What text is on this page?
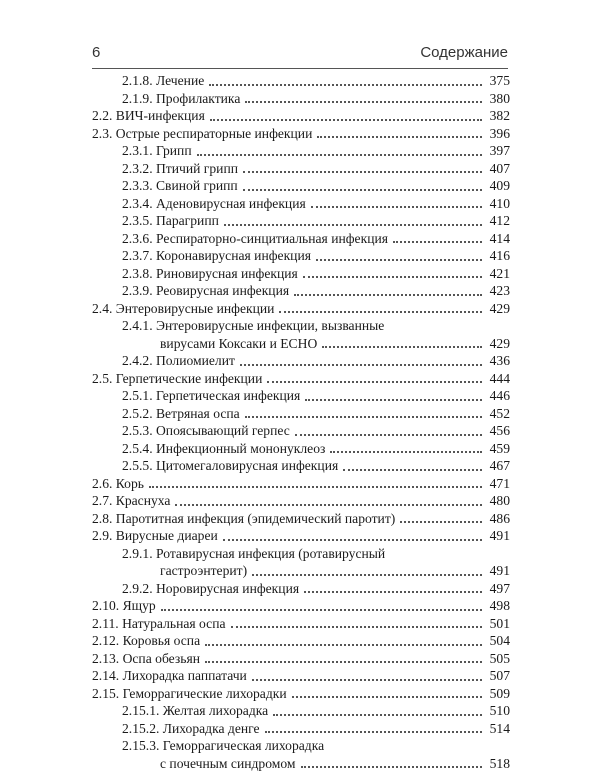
6	Содержание
2.1.8. Лечение	375
2.1.9. Профилактика	380
2.2. ВИЧ-инфекция	382
2.3. Острые респираторные инфекции	396
2.3.1. Грипп	397
2.3.2. Птичий грипп	407
2.3.3. Свиной грипп	409
2.3.4. Аденовирусная инфекция	410
2.3.5. Парагрипп	412
2.3.6. Респираторно-синцитиальная инфекция	414
2.3.7. Коронавирусная инфекция	416
2.3.8. Риновирусная инфекция	421
2.3.9. Реовирусная инфекция	423
2.4. Энтеровирусные инфекции	429
2.4.1. Энтеровирусные инфекции, вызванные
вирусами Коксаки и ЕСНО	429
2.4.2. Полиомиелит	436
2.5. Герпетические инфекции	444
2.5.1. Герпетическая инфекция	446
2.5.2. Ветряная оспа	452
2.5.3. Опоясывающий герпес	456
2.5.4. Инфекционный мононуклеоз	459
2.5.5. Цитомегаловирусная инфекция	467
2.6. Корь	471
2.7. Краснуха	480
2.8. Паротитная инфекция (эпидемический паротит)	486
2.9. Вирусные диареи	491
2.9.1. Ротавирусная инфекция (ротавирусный
гастроэнтерит)	491
2.9.2. Норовирусная инфекция	497
2.10. Ящур	498
2.11. Натуральная оспа	501
2.12. Коровья оспа	504
2.13. Оспа обезьян	505
2.14. Лихорадка паппатачи	507
2.15. Геморрагические лихорадки	509
2.15.1. Желтая лихорадка	510
2.15.2. Лихорадка денге	514
2.15.3. Геморрагическая лихорадка
с почечным синдромом	518
